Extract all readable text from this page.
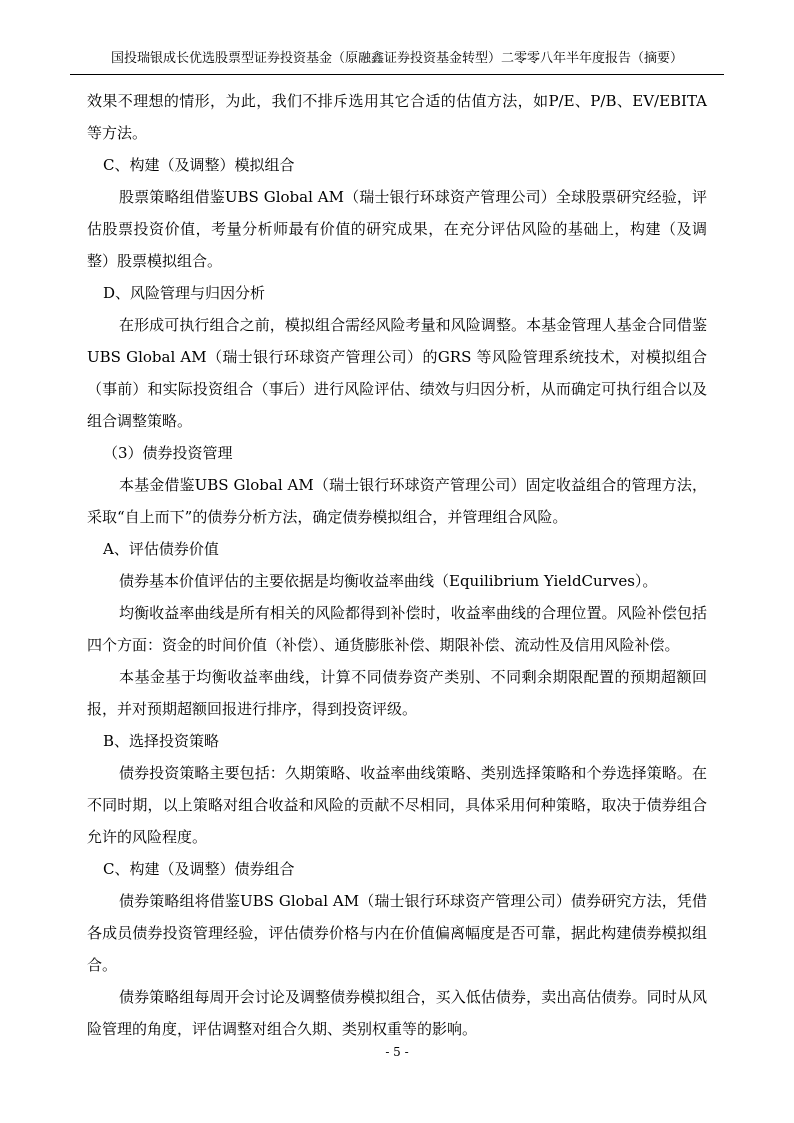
国投瑞银成长优选股票型证券投资基金（原融鑫证券投资基金转型）二零零八年半年度报告（摘要）

效果不理想的情形，为此，我们不排斥选用其它合适的估值方法，如P/E、P/B、EV/EBITA等方法。

C、构建（及调整）模拟组合

股票策略组借鉴UBS Global AM（瑞士银行环球资产管理公司）全球股票研究经验，评估股票投资价值，考量分析师最有价值的研究成果，在充分评估风险的基础上，构建（及调整）股票模拟组合。

D、风险管理与归因分析

在形成可执行组合之前，模拟组合需经风险考量和风险调整。本基金管理人基金合同借鉴UBS Global AM（瑞士银行环球资产管理公司）的GRS 等风险管理系统技术，对模拟组合（事前）和实际投资组合（事后）进行风险评估、绩效与归因分析，从而确定可执行组合以及组合调整策略。

（3）债券投资管理

本基金借鉴UBS Global AM（瑞士银行环球资产管理公司）固定收益组合的管理方法，采取“自上而下”的债券分析方法，确定债券模拟组合，并管理组合风险。

A、评估债券价值

债券基本价值评估的主要依据是均衡收益率曲线（Equilibrium YieldCurves）。

均衡收益率曲线是所有相关的风险都得到补偿时，收益率曲线的合理位置。风险补偿包括四个方面：资金的时间价值（补偿）、通货膨胀补偿、期限补偿、流动性及信用风险补偿。

本基金基于均衡收益率曲线，计算不同债券资产类别、不同剩余期限配置的预期超额回报，并对预期超额回报进行排序，得到投资评级。

B、选择投资策略

债券投资策略主要包括：久期策略、收益率曲线策略、类别选择策略和个券选择策略。在不同时期，以上策略对组合收益和风险的贡献不尽相同，具体采用何种策略，取决于债券组合允许的风险程度。

C、构建（及调整）债券组合

债券策略组将借鉴UBS Global AM（瑞士银行环球资产管理公司）债券研究方法，凭借各成员债券投资管理经验，评估债券价格与内在价值偏离幅度是否可靠，据此构建债券模拟组合。

债券策略组每周开会讨论及调整债券模拟组合，买入低估债券，卖出高估债券。同时从风险管理的角度，评估调整对组合久期、类别权重等的影响。

- 5 -
